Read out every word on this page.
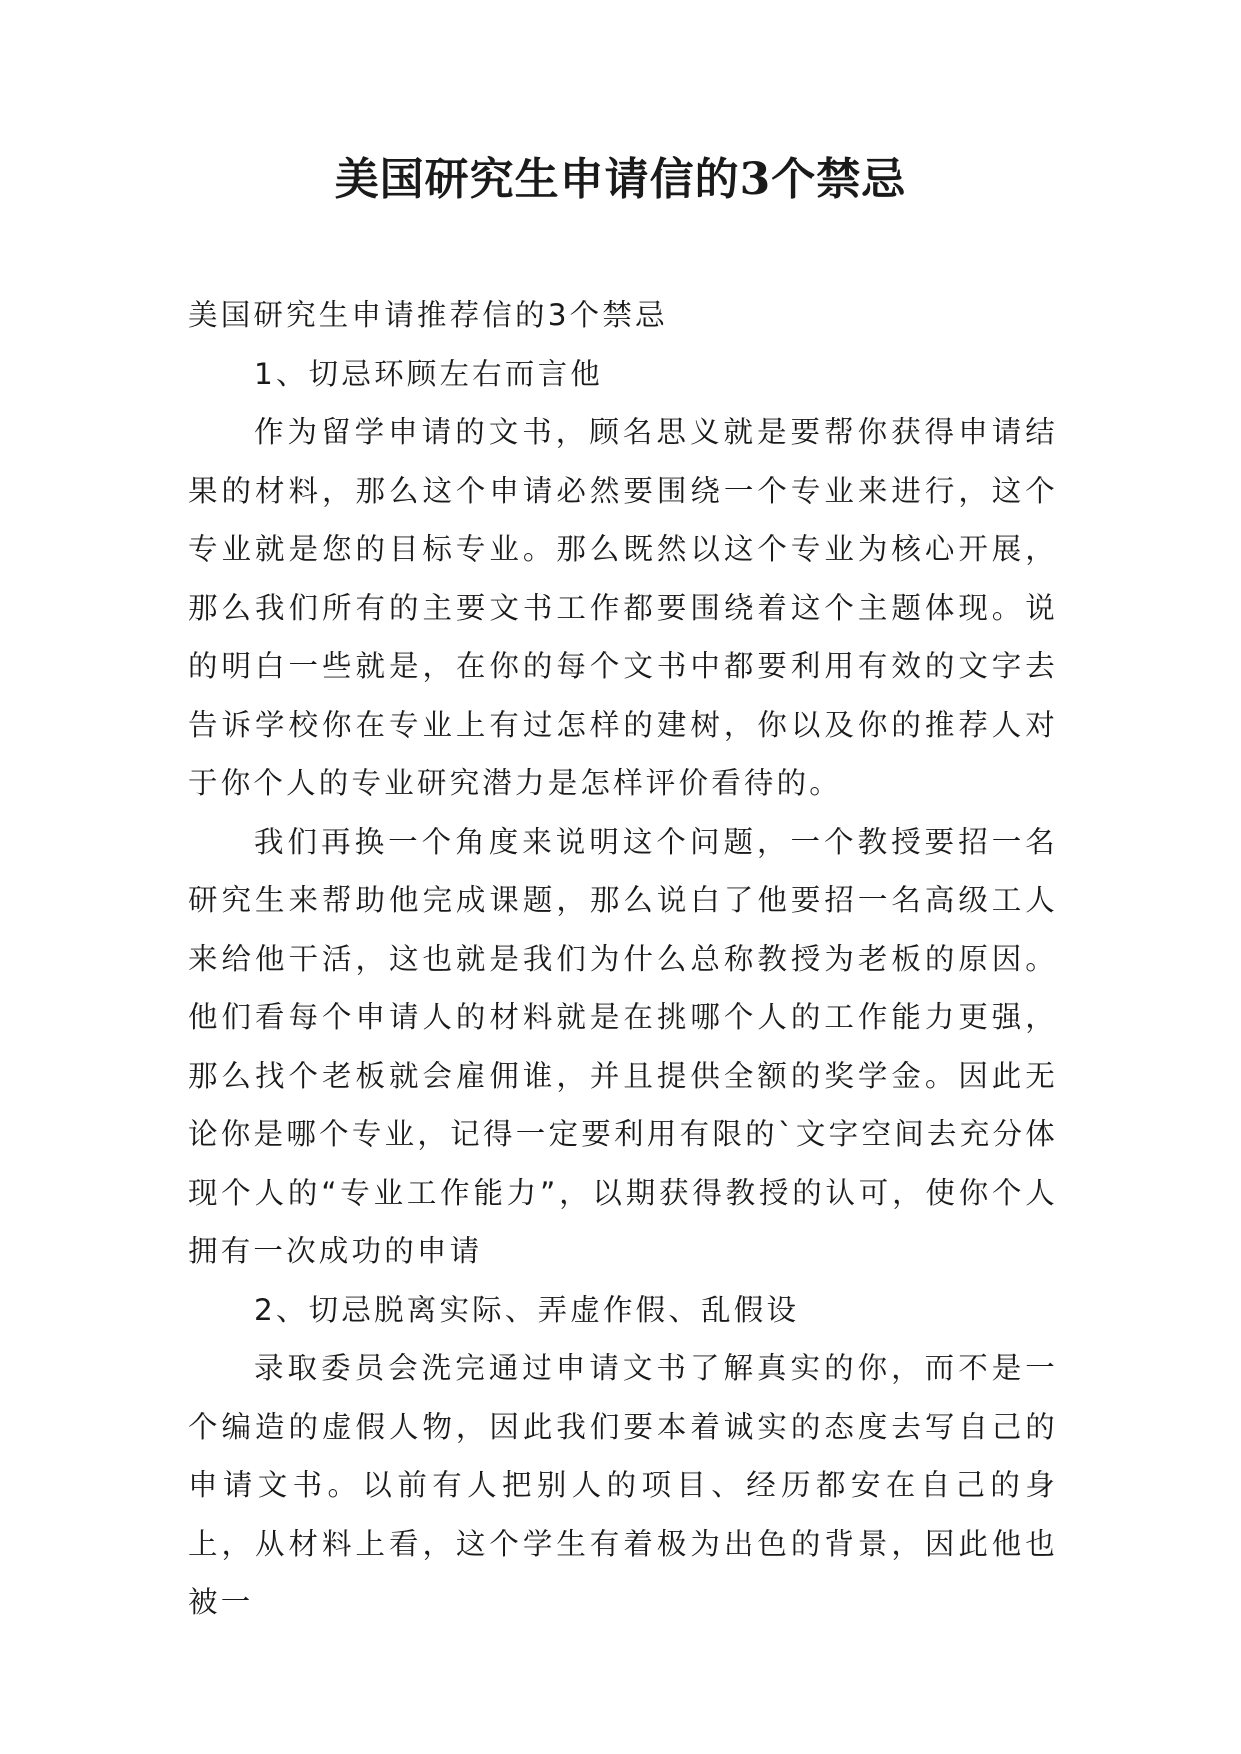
美国研究生申请信的3个禁忌

美国研究生申请推荐信的3个禁忌

1、切忌环顾左右而言他

作为留学申请的文书，顾名思义就是要帮你获得申请结果的材料，那么这个申请必然要围绕一个专业来进行，这个专业就是您的目标专业。那么既然以这个专业为核心开展，那么我们所有的主要文书工作都要围绕着这个主题体现。说的明白一些就是，在你的每个文书中都要利用有效的文字去告诉学校你在专业上有过怎样的建树，你以及你的推荐人对于你个人的专业研究潜力是怎样评价看待的。

我们再换一个角度来说明这个问题，一个教授要招一名研究生来帮助他完成课题，那么说白了他要招一名高级工人来给他干活，这也就是我们为什么总称教授为老板的原因。他们看每个申请人的材料就是在挑哪个人的工作能力更强，那么找个老板就会雇佣谁，并且提供全额的奖学金。因此无论你是哪个专业，记得一定要利用有限的`文字空间去充分体现个人的“专业工作能力”，以期获得教授的认可，使你个人拥有一次成功的申请

2、切忌脱离实际、弄虚作假、乱假设

录取委员会洗完通过申请文书了解真实的你，而不是一个编造的虚假人物，因此我们要本着诚实的态度去写自己的申请文书。以前有人把别人的项目、经历都安在自己的身上，从材料上看，这个学生有着极为出色的背景，因此他也被一
